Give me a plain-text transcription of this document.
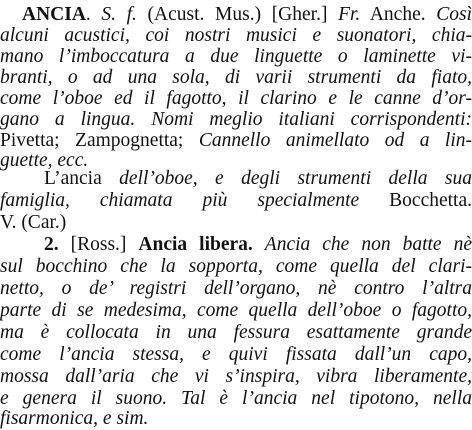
ANCIA. S. f. (Acust. Mus.) [Gher.] Fr. Anche. Così
alcuni acustici, coi nostri musici e suonatori, chia-
mano l’imboccatura a due linguette o laminette vi-
branti, o ad una sola, di varii strumenti da fiato,
come l’oboe ed il fagotto, il clarino e le canne d’or-
gano a lingua. Nomi meglio italiani corrispondenti:
Pivetta; Zampognetta; Cannello animellato od a lin-
guette, ecc.
L’ancia dell’oboe, e degli strumenti della sua
famiglia, chiamata più specialmente Bocchetta.
V. (Car.)
2. [Ross.] Ancia libera. Ancia che non batte nè
sul bocchino che la sopporta, come quella del clari-
netto, o de’ registri dell’organo, nè contro l’altra
parte di se medesima, come quella dell’oboe o fagotto,
ma è collocata in una fessura esattamente grande
come l’ancia stessa, e quivi fissata dall’un capo,
mossa dall’aria che vi s’inspira, vibra liberamente,
e genera il suono. Tal è l’ancia nel tipotono, nella
fisarmonica, e sim.
